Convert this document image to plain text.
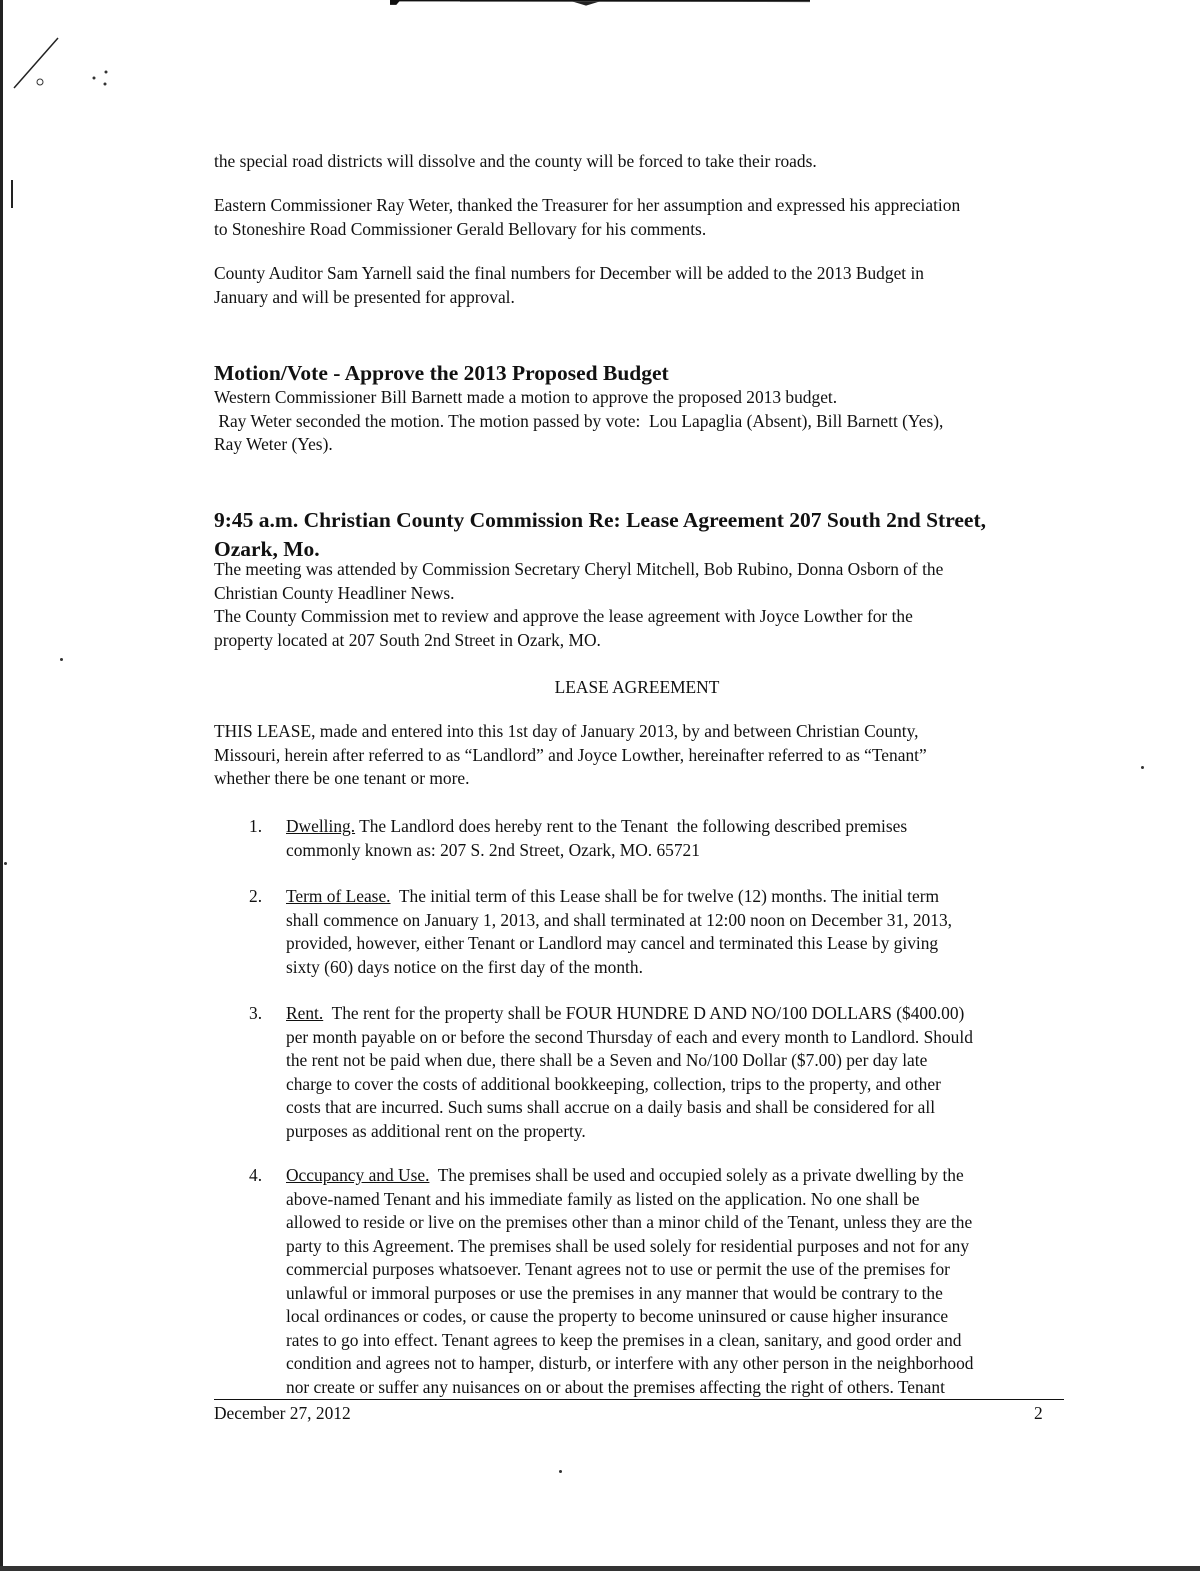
the special road districts will dissolve and the county will be forced to take their roads.

Eastern Commissioner Ray Weter, thanked the Treasurer for her assumption and expressed his appreciation
to Stoneshire Road Commissioner Gerald Bellovary for his comments.

County Auditor Sam Yarnell said the final numbers for December will be added to the 2013 Budget in
January and will be presented for approval.

Motion/Vote - Approve the 2013 Proposed Budget

Western Commissioner Bill Barnett made a motion to approve the proposed 2013 budget.
Ray Weter seconded the motion. The motion passed by vote:  Lou Lapaglia (Absent), Bill Barnett (Yes),
Ray Weter (Yes).

9:45 a.m. Christian County Commission Re: Lease Agreement 207 South 2nd Street,
Ozark, Mo.

The meeting was attended by Commission Secretary Cheryl Mitchell, Bob Rubino, Donna Osborn of the
Christian County Headliner News.
The County Commission met to review and approve the lease agreement with Joyce Lowther for the
property located at 207 South 2nd Street in Ozark, MO.

LEASE AGREEMENT

THIS LEASE, made and entered into this 1st day of January 2013, by and between Christian County,
Missouri, herein after referred to as “Landlord” and Joyce Lowther, hereinafter referred to as “Tenant”
whether there be one tenant or more.

1. Dwelling. The Landlord does hereby rent to the Tenant  the following described premises
commonly known as: 207 S. 2nd Street, Ozark, MO. 65721
2. Term of Lease.  The initial term of this Lease shall be for twelve (12) months. The initial term
shall commence on January 1, 2013, and shall terminated at 12:00 noon on December 31, 2013,
provided, however, either Tenant or Landlord may cancel and terminated this Lease by giving
sixty (60) days notice on the first day of the month.
3. Rent.  The rent for the property shall be FOUR HUNDRE D AND NO/100 DOLLARS ($400.00)
per month payable on or before the second Thursday of each and every month to Landlord. Should
the rent not be paid when due, there shall be a Seven and No/100 Dollar ($7.00) per day late
charge to cover the costs of additional bookkeeping, collection, trips to the property, and other
costs that are incurred. Such sums shall accrue on a daily basis and shall be considered for all
purposes as additional rent on the property.
4. Occupancy and Use.  The premises shall be used and occupied solely as a private dwelling by the
above-named Tenant and his immediate family as listed on the application. No one shall be
allowed to reside or live on the premises other than a minor child of the Tenant, unless they are the
party to this Agreement. The premises shall be used solely for residential purposes and not for any
commercial purposes whatsoever. Tenant agrees not to use or permit the use of the premises for
unlawful or immoral purposes or use the premises in any manner that would be contrary to the
local ordinances or codes, or cause the property to become uninsured or cause higher insurance
rates to go into effect. Tenant agrees to keep the premises in a clean, sanitary, and good order and
condition and agrees not to hamper, disturb, or interfere with any other person in the neighborhood
nor create or suffer any nuisances on or about the premises affecting the right of others. Tenant
December 27, 2012	2
